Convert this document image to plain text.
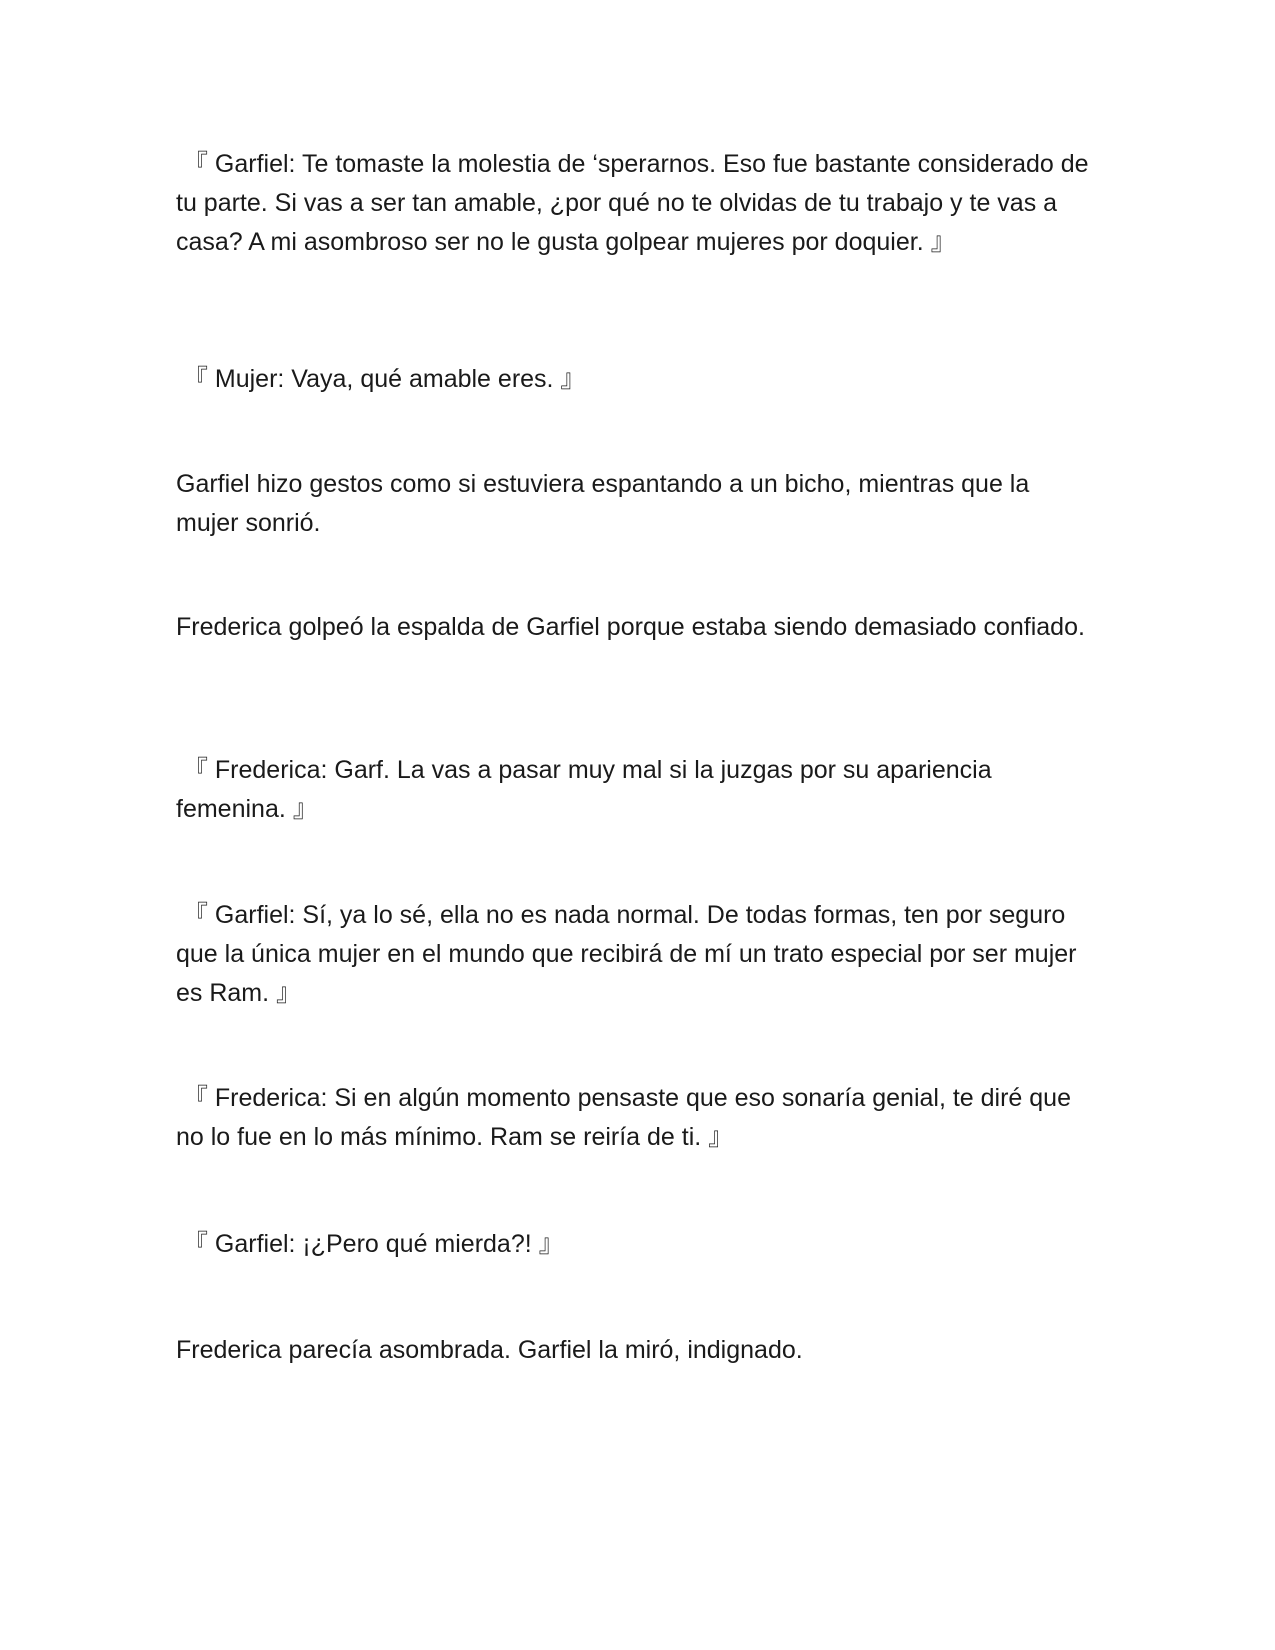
『 Garfiel: Te tomaste la molestia de ‘sperarnos. Eso fue bastante considerado de tu parte. Si vas a ser tan amable, ¿por qué no te olvidas de tu trabajo y te vas a casa? A mi asombroso ser no le gusta golpear mujeres por doquier. 』

『 Mujer: Vaya, qué amable eres. 』

Garfiel hizo gestos como si estuviera espantando a un bicho, mientras que la mujer sonrió.

Frederica golpeó la espalda de Garfiel porque estaba siendo demasiado confiado.

『 Frederica: Garf. La vas a pasar muy mal si la juzgas por su apariencia femenina. 』

『 Garfiel: Sí, ya lo sé, ella no es nada normal. De todas formas, ten por seguro que la única mujer en el mundo que recibirá de mí un trato especial por ser mujer es Ram. 』

『 Frederica: Si en algún momento pensaste que eso sonaría genial, te diré que no lo fue en lo más mínimo. Ram se reiría de ti. 』

『 Garfiel: ¡¿Pero qué mierda?! 』

Frederica parecía asombrada. Garfiel la miró, indignado.
